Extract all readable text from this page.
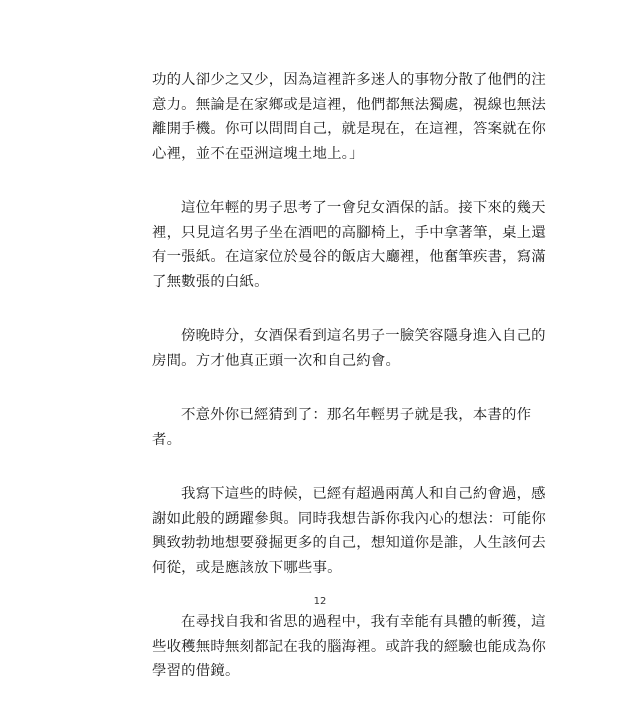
功的人卻少之又少，因為這裡許多迷人的事物分散了他們的注
意力。無論是在家鄉或是這裡，他們都無法獨處，視線也無法
離開手機。你可以問問自己，就是現在，在這裡，答案就在你
心裡，並不在亞洲這塊土地上。」

這位年輕的男子思考了一會兒女酒保的話。接下來的幾天
裡，只見這名男子坐在酒吧的高腳椅上，手中拿著筆，桌上還
有一張紙。在這家位於曼谷的飯店大廳裡，他奮筆疾書，寫滿
了無數張的白紙。

傍晚時分，女酒保看到這名男子一臉笑容隱身進入自己的
房間。方才他真正頭一次和自己約會。

不意外你已經猜到了：那名年輕男子就是我，本書的作
者。

我寫下這些的時候，已經有超過兩萬人和自己約會過，感
謝如此般的踴躍參與。同時我想告訴你我內心的想法：可能你
興致勃勃地想要發掘更多的自己，想知道你是誰，人生該何去
何從，或是應該放下哪些事。

在尋找自我和省思的過程中，我有幸能有具體的斬獲，這
些收穫無時無刻都記在我的腦海裡。或許我的經驗也能成為你
學習的借鏡。

12
